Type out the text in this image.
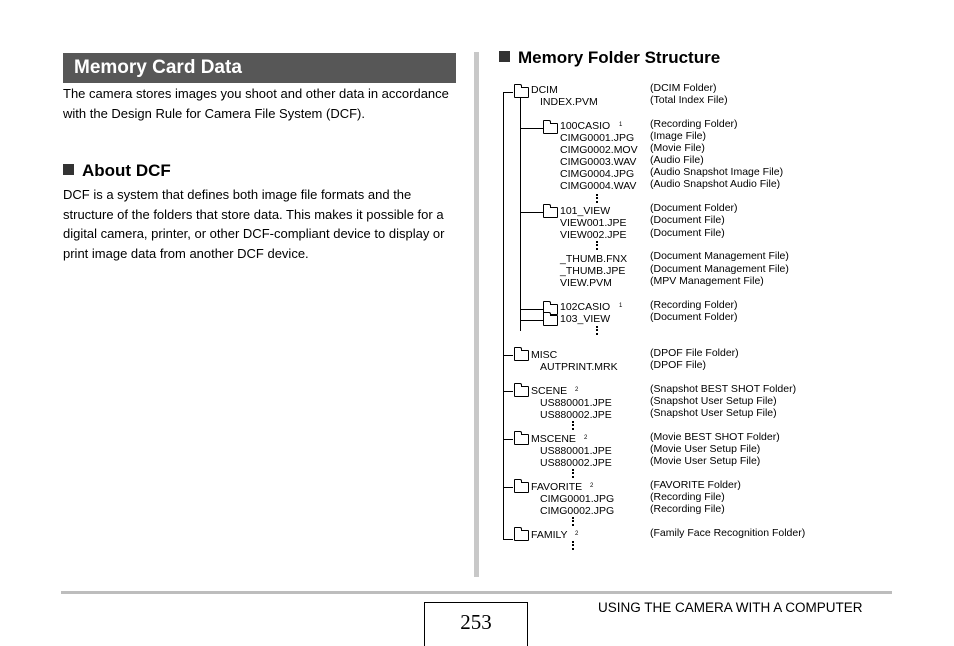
Memory Card Data
The camera stores images you shoot and other data in accordance with the Design Rule for Camera File System (DCF).
About DCF
DCF is a system that defines both image file formats and the structure of the folders that store data. This makes it possible for a digital camera, printer, or other DCF-compliant device to display or print image data from another DCF device.
Memory Folder Structure
DCIM
INDEX.PVM
100CASIO 1
CIMG0001.JPG
CIMG0002.MOV
CIMG0003.WAV
CIMG0004.JPG
CIMG0004.WAV
101_VIEW
VIEW001.JPE
VIEW002.JPE
_THUMB.FNX
_THUMB.JPE
VIEW.PVM
102CASIO 1
103_VIEW
MISC
AUTPRINT.MRK
SCENE 2
US880001.JPE
US880002.JPE
MSCENE 2
US880001.JPE
US880002.JPE
FAVORITE 2
CIMG0001.JPG
CIMG0002.JPG
FAMILY 2
(DCIM Folder)
(Total Index File)
(Recording Folder)
(Image File)
(Movie File)
(Audio File)
(Audio Snapshot Image File)
(Audio Snapshot Audio File)
(Document Folder)
(Document File)
(Document File)
(Document Management File)
(Document Management File)
(MPV Management File)
(Recording Folder)
(Document Folder)
(DPOF File Folder)
(DPOF File)
(Snapshot BEST SHOT Folder)
(Snapshot User Setup File)
(Snapshot User Setup File)
(Movie BEST SHOT Folder)
(Movie User Setup File)
(Movie User Setup File)
(FAVORITE Folder)
(Recording File)
(Recording File)
(Family Face Recognition Folder)
253
USING THE CAMERA WITH A COMPUTER
